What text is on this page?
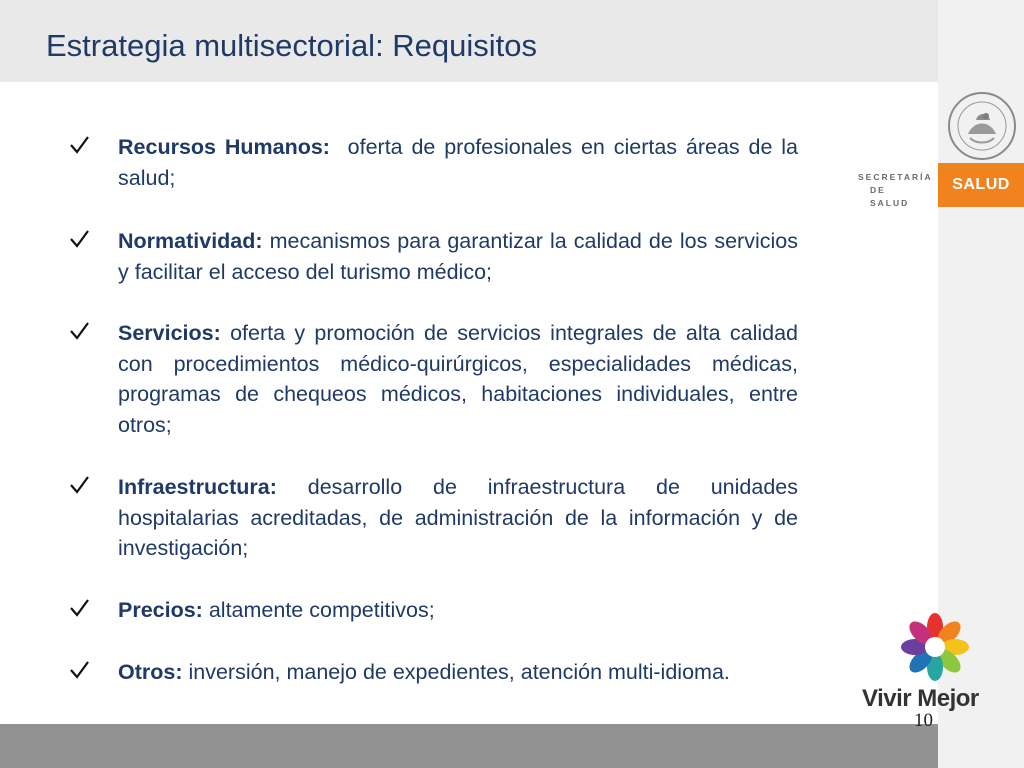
Estrategia multisectorial: Requisitos
SECRETARÍA
DE SALUD
SALUD
Recursos Humanos: oferta de profesionales en ciertas áreas de la salud;
Normatividad: mecanismos para garantizar la calidad de los servicios y facilitar el acceso del turismo médico;
Servicios: oferta y promoción de servicios integrales de alta calidad con procedimientos médico-quirúrgicos, especialidades médicas, programas de chequeos médicos, habitaciones individuales, entre otros;
Infraestructura: desarrollo de infraestructura de unidades hospitalarias acreditadas, de administración de la información y de investigación;
Precios: altamente competitivos;
Otros: inversión, manejo de expedientes, atención multi-idioma.
Vivir Mejor
10
